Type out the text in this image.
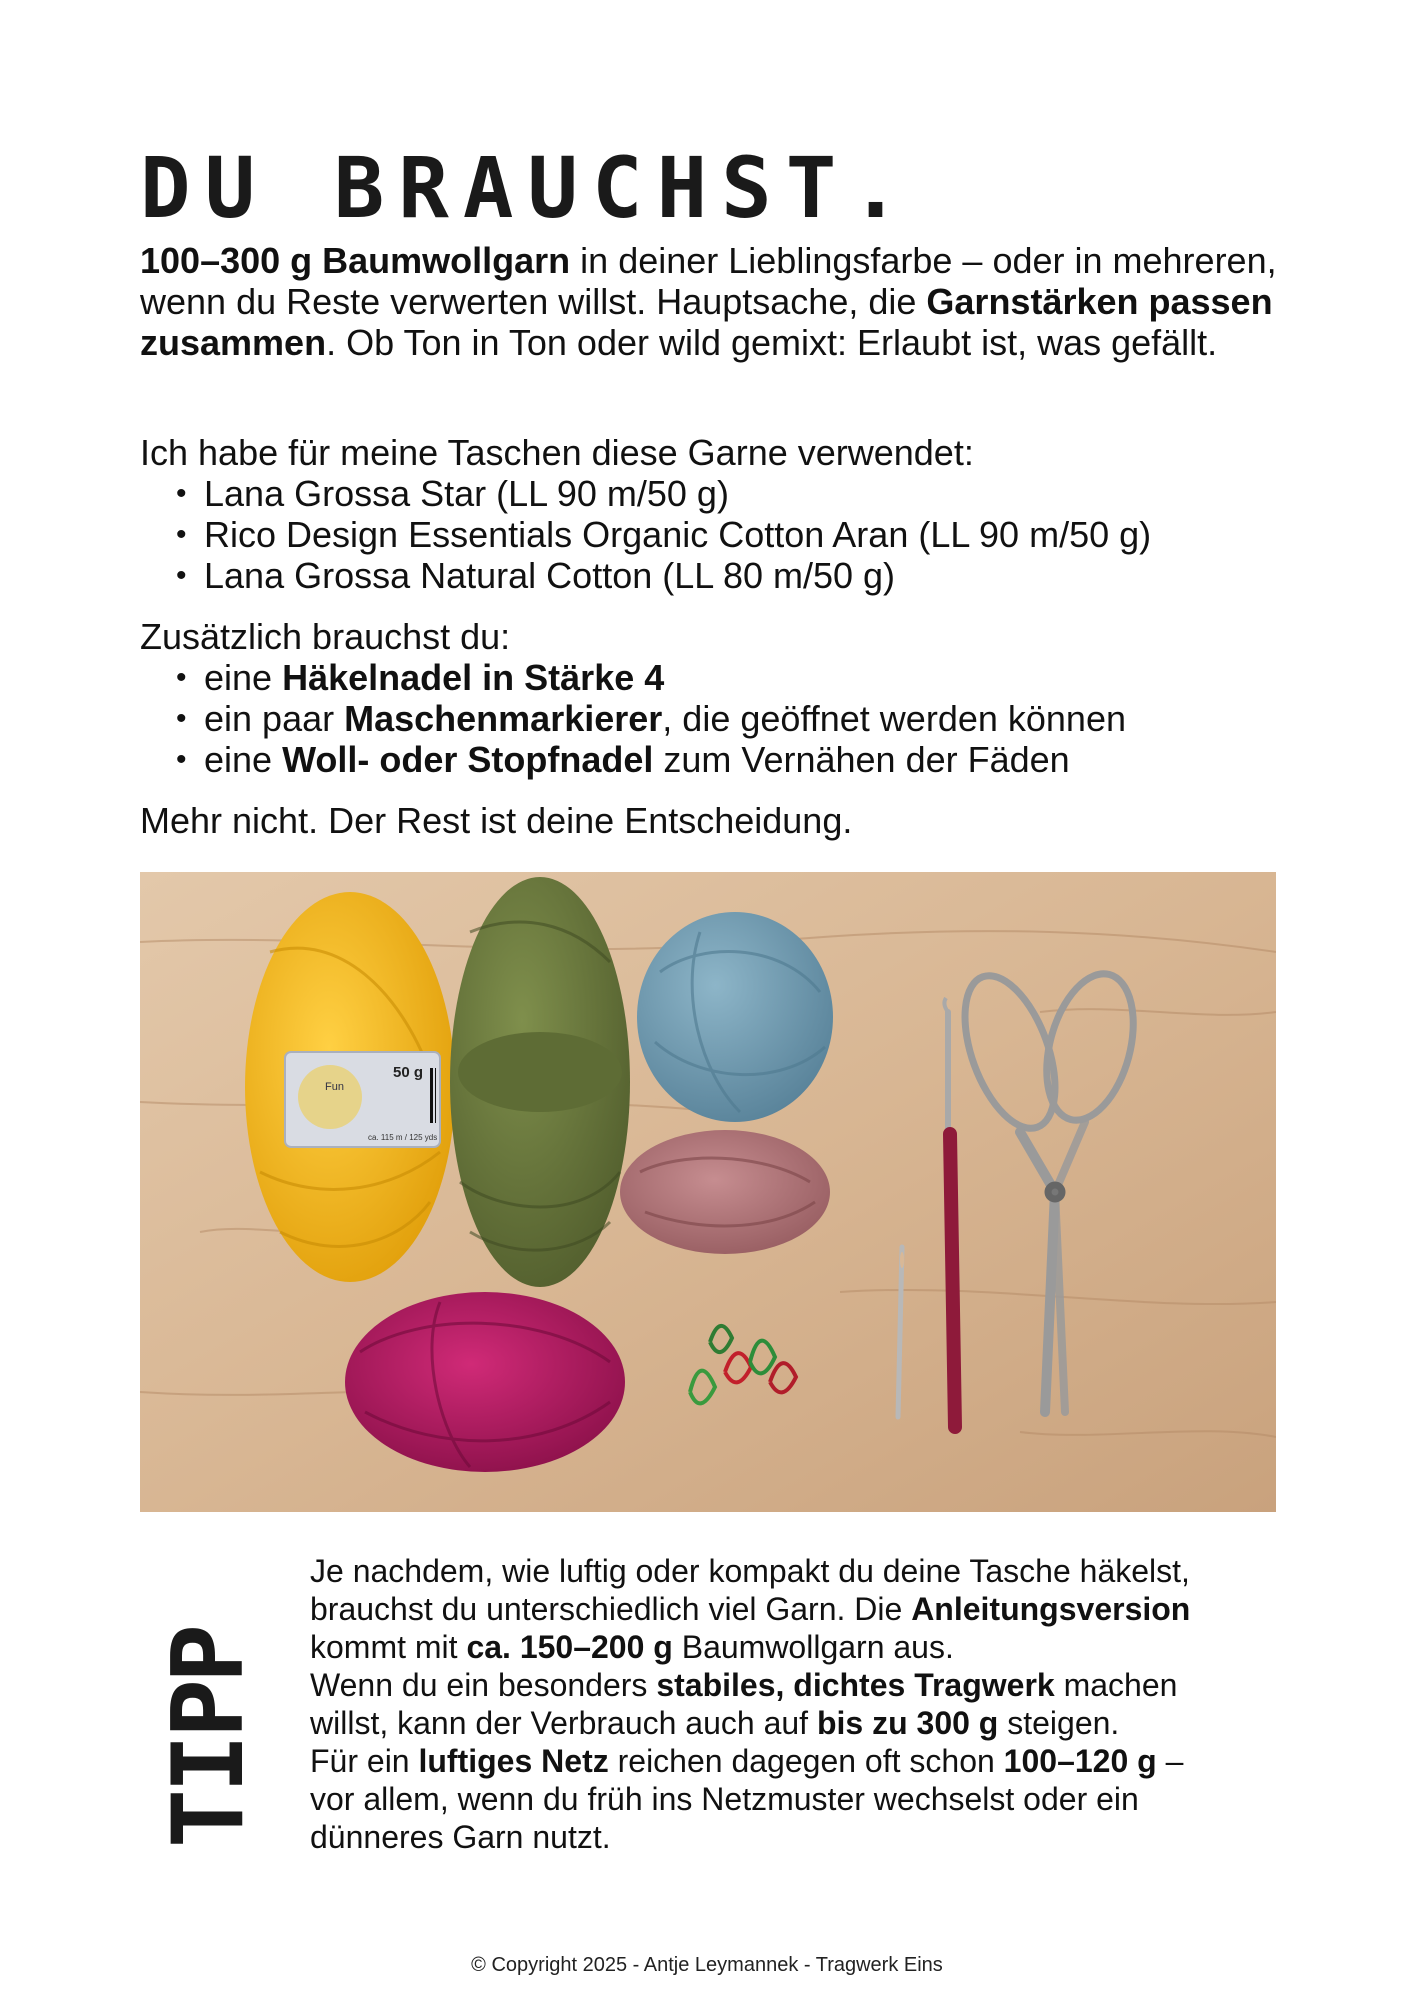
DU BRAUCHST.

100–300 g Baumwollgarn in deiner Lieblingsfarbe – oder in mehreren, wenn du Reste verwerten willst. Hauptsache, die Garnstärken passen zusammen. Ob Ton in Ton oder wild gemixt: Erlaubt ist, was gefällt.

Ich habe für meine Taschen diese Garne verwendet:
• Lana Grossa Star (LL 90 m/50 g)
• Rico Design Essentials Organic Cotton Aran (LL 90 m/50 g)
• Lana Grossa Natural Cotton (LL 80 m/50 g)
Zusätzlich brauchst du:
• eine Häkelnadel in Stärke 4
• ein paar Maschenmarkierer, die geöffnet werden können
• eine Woll- oder Stopfnadel zum Vernähen der Fäden

Mehr nicht. Der Rest ist deine Entscheidung.

Fun
50 g
ca. 115 m / 125 yds
TIPP
Je nachdem, wie luftig oder kompakt du deine Tasche häkelst,
brauchst du unterschiedlich viel Garn. Die Anleitungsversion
kommt mit ca. 150–200 g Baumwollgarn aus.
Wenn du ein besonders stabiles, dichtes Tragwerk machen
willst, kann der Verbrauch auch auf bis zu 300 g steigen.
Für ein luftiges Netz reichen dagegen oft schon 100–120 g –
vor allem, wenn du früh ins Netzmuster wechselst oder ein
dünneres Garn nutzt.
© Copyright 2025 - Antje Leymannek - Tragwerk Eins
